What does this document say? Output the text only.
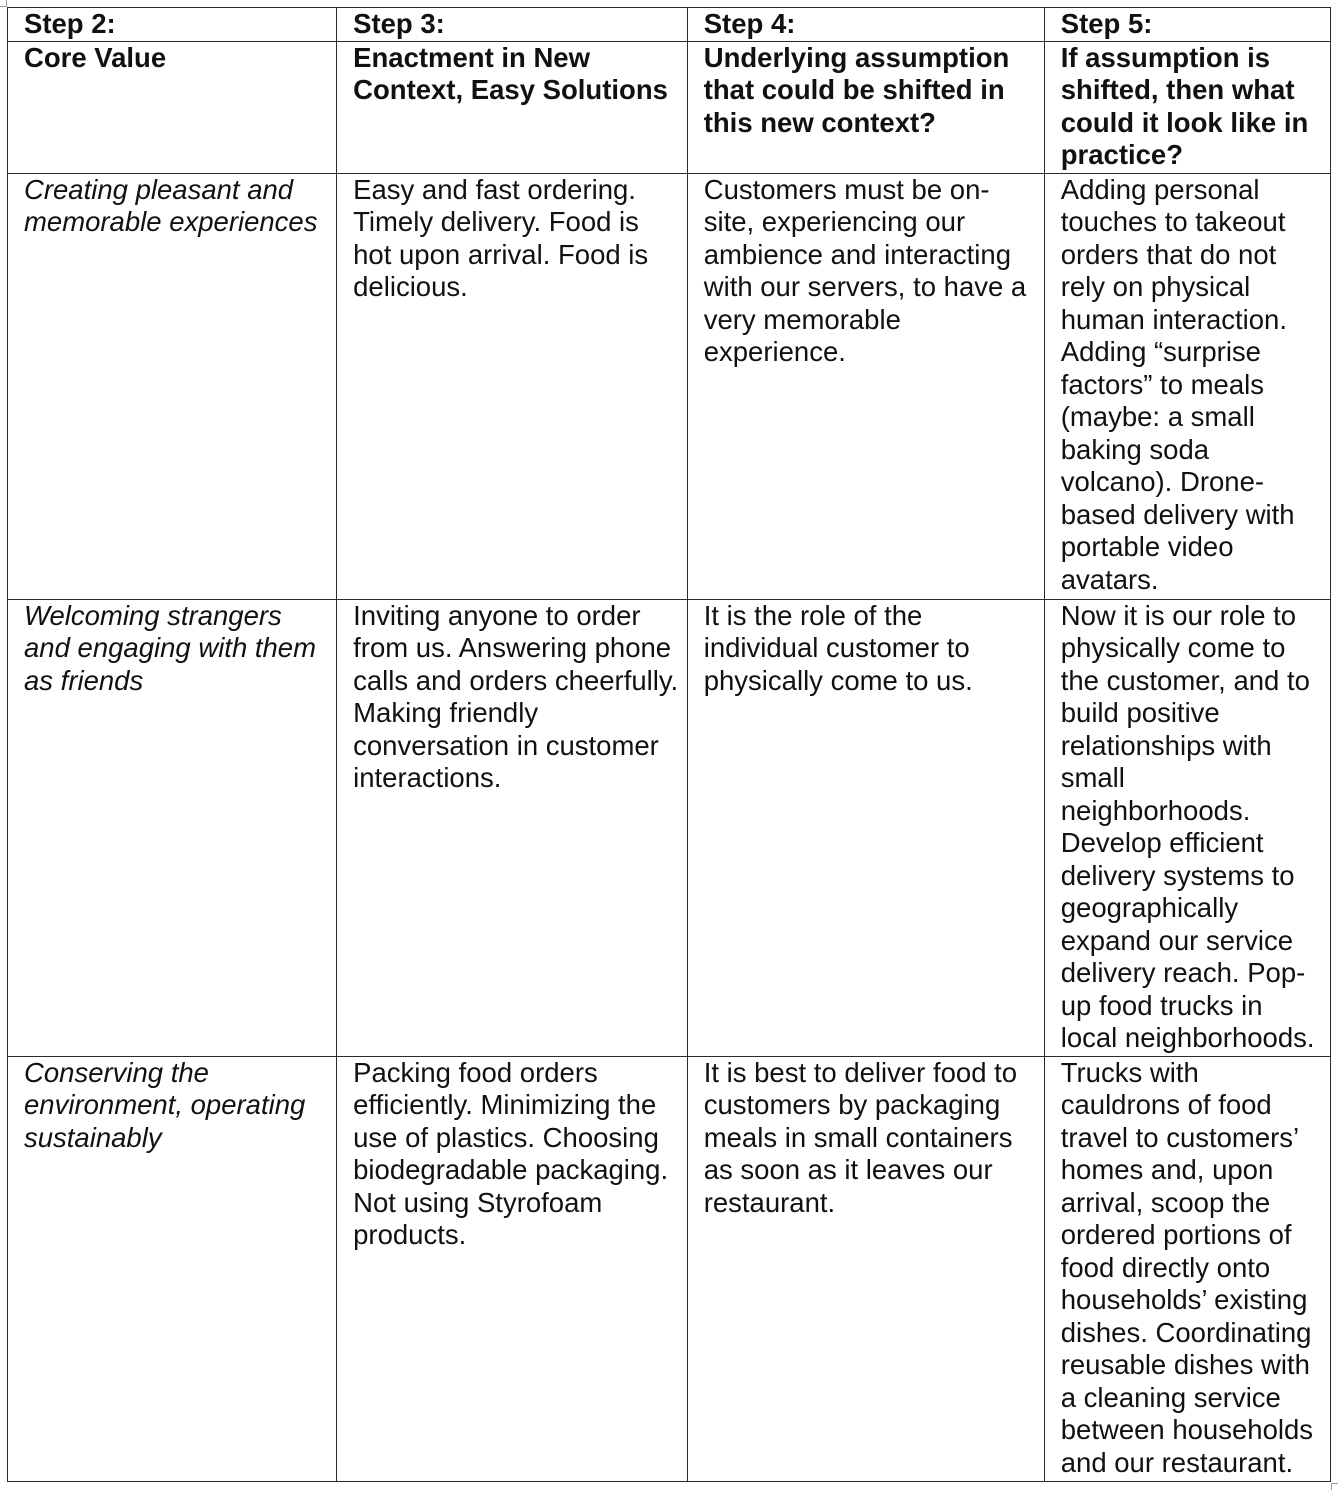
Step 2:	Step 3:	Step 4:	Step 5:
Core Value	Enactment in New Context, Easy Solutions	Underlying assumption that could be shifted in this new context?	If assumption is shifted, then what could it look like in practice?
Creating pleasant and memorable experiences	Easy and fast ordering. Timely delivery. Food is hot upon arrival. Food is delicious.	Customers must be on-site, experiencing our ambience and interacting with our servers, to have a very memorable experience.	Adding personal touches to takeout orders that do not rely on physical human interaction. Adding “surprise factors” to meals (maybe: a small baking soda volcano). Drone-based delivery with portable video avatars.
Welcoming strangers and engaging with them as friends	Inviting anyone to order from us. Answering phone calls and orders cheerfully. Making friendly conversation in customer interactions.	It is the role of the individual customer to physically come to us.	Now it is our role to physically come to the customer, and to build positive relationships with small neighborhoods. Develop efficient delivery systems to geographically expand our service delivery reach. Pop-up food trucks in local neighborhoods.
Conserving the environment, operating sustainably	Packing food orders efficiently. Minimizing the use of plastics. Choosing biodegradable packaging. Not using Styrofoam products.	It is best to deliver food to customers by packaging meals in small containers as soon as it leaves our restaurant.	Trucks with cauldrons of food travel to customers’ homes and, upon arrival, scoop the ordered portions of food directly onto households’ existing dishes. Coordinating reusable dishes with a cleaning service between households and our restaurant.
